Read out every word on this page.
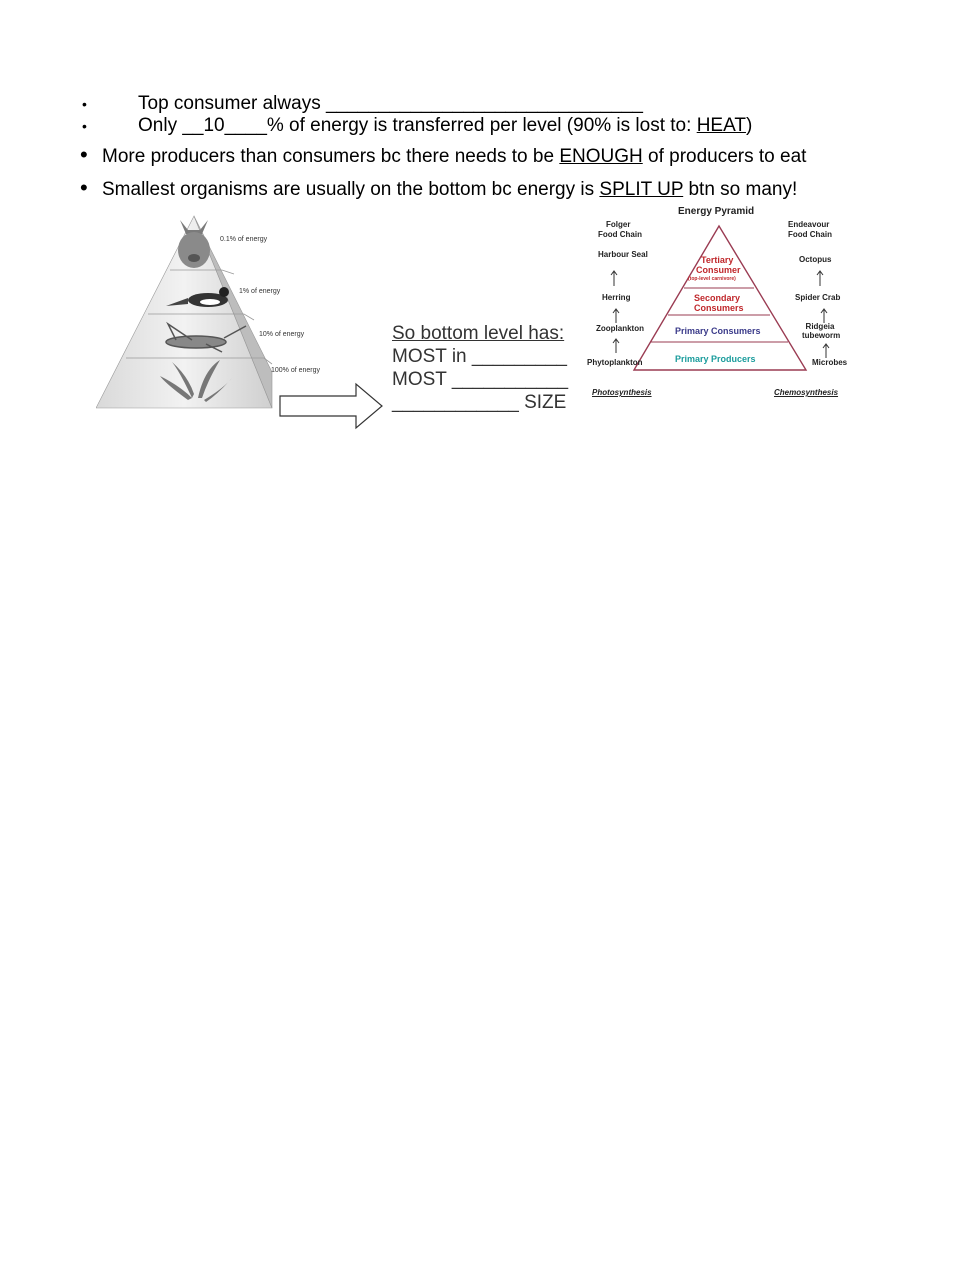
•	Top consumer always ______________________________
•	Only __10____% of energy is transferred per level (90% is lost to: HEAT)
• More producers than consumers bc there needs to be ENOUGH of producers to eat
• Smallest organisms are usually on the bottom bc energy is SPLIT UP btn so many!
0.1% of energy
1% of energy
10% of energy
100% of energy
So bottom level has:
MOST in _________
MOST ___________
____________ SIZE
Energy Pyramid
Folger
Food Chain
Endeavour
Food Chain
Harbour Seal
Herring
Zooplankton
Phytoplankton
Octopus
Spider Crab
Ridgeia tubeworm
Microbes
Tertiary
Consumer
(top-level carnivore)
Secondary
Consumers
Primary Consumers
Primary Producers
Photosynthesis	Chemosynthesis
